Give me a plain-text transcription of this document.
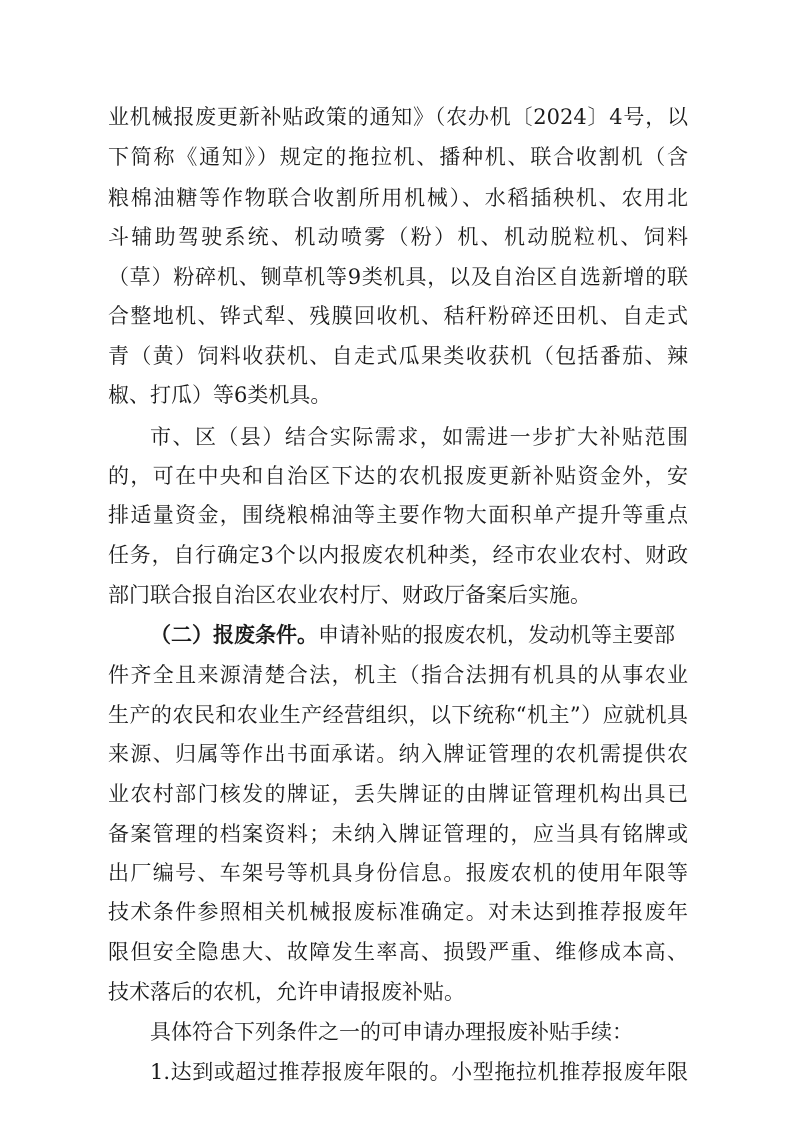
业机械报废更新补贴政策的通知》（农办机〔2024〕4号，以
下简称《通知》）规定的拖拉机、播种机、联合收割机（含
粮棉油糖等作物联合收割所用机械）、水稻插秧机、农用北
斗辅助驾驶系统、机动喷雾（粉）机、机动脱粒机、饲料
（草）粉碎机、铡草机等9类机具，以及自治区自选新增的联
合整地机、铧式犁、残膜回收机、秸秆粉碎还田机、自走式
青（黄）饲料收获机、自走式瓜果类收获机（包括番茄、辣
椒、打瓜）等6类机具。
市、区（县）结合实际需求，如需进一步扩大补贴范围
的，可在中央和自治区下达的农机报废更新补贴资金外，安
排适量资金，围绕粮棉油等主要作物大面积单产提升等重点
任务，自行确定3个以内报废农机种类，经市农业农村、财政
部门联合报自治区农业农村厅、财政厅备案后实施。
（二）报废条件。申请补贴的报废农机，发动机等主要部
件齐全且来源清楚合法，机主（指合法拥有机具的从事农业
生产的农民和农业生产经营组织，以下统称“机主”）应就机具
来源、归属等作出书面承诺。纳入牌证管理的农机需提供农
业农村部门核发的牌证，丢失牌证的由牌证管理机构出具已
备案管理的档案资料；未纳入牌证管理的，应当具有铭牌或
出厂编号、车架号等机具身份信息。报废农机的使用年限等
技术条件参照相关机械报废标准确定。对未达到推荐报废年
限但安全隐患大、故障发生率高、损毁严重、维修成本高、
技术落后的农机，允许申请报废补贴。
具体符合下列条件之一的可申请办理报废补贴手续：
1.达到或超过推荐报废年限的。小型拖拉机推荐报废年限
